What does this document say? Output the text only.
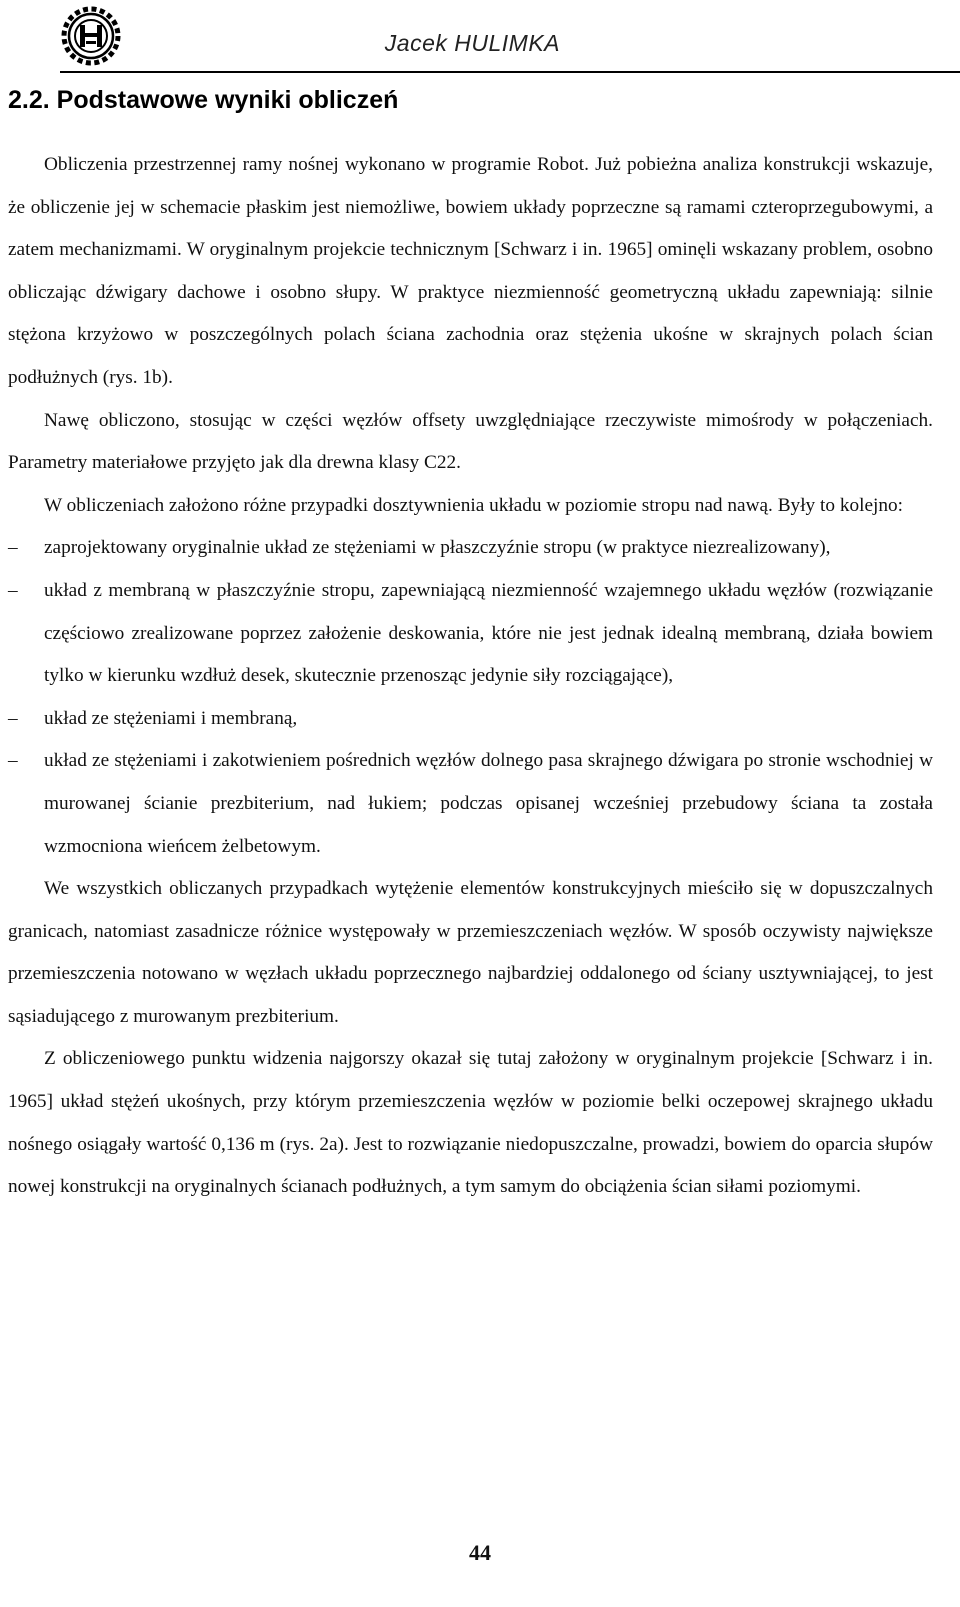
Jacek HULIMKA
2.2. Podstawowe wyniki obliczeń

Obliczenia przestrzennej ramy nośnej wykonano w programie Robot. Już pobieżna analiza konstrukcji wskazuje, że obliczenie jej w schemacie płaskim jest niemożliwe, bowiem układy poprzeczne są ramami czteroprzegubowymi, a zatem mechanizmami. W oryginalnym projekcie technicznym [Schwarz i in. 1965] ominęli wskazany problem, osobno obliczając dźwigary dachowe i osobno słupy. W praktyce niezmienność geometryczną układu zapewniają: silnie stężona krzyżowo w poszczególnych polach ściana zachodnia oraz stężenia ukośne w skrajnych polach ścian podłużnych (rys. 1b).

Nawę obliczono, stosując w części węzłów offsety uwzględniające rzeczywiste mimośrody w połączeniach. Parametry materiałowe przyjęto jak dla drewna klasy C22.

W obliczeniach założono różne przypadki dosztywnienia układu w poziomie stropu nad nawą. Były to kolejno:

–	zaprojektowany oryginalnie układ ze stężeniami w płaszczyźnie stropu (w praktyce niezrealizowany),
–	układ z membraną w płaszczyźnie stropu, zapewniającą niezmienność wzajemnego układu węzłów (rozwiązanie częściowo zrealizowane poprzez założenie deskowania, które nie jest jednak idealną membraną, działa bowiem tylko w kierunku wzdłuż desek, skutecznie przenosząc jedynie siły rozciągające),
–	układ ze stężeniami i membraną,
–	układ ze stężeniami i zakotwieniem pośrednich węzłów dolnego pasa skrajnego dźwigara po stronie wschodniej w murowanej ścianie prezbiterium, nad łukiem; podczas opisanej wcześniej przebudowy ściana ta została wzmocniona wieńcem żelbetowym.

We wszystkich obliczanych przypadkach wytężenie elementów konstrukcyjnych mieściło się w dopuszczalnych granicach, natomiast zasadnicze różnice występowały w przemieszczeniach węzłów. W sposób oczywisty największe przemieszczenia notowano w węzłach układu poprzecznego najbardziej oddalonego od ściany usztywniającej, to jest sąsiadującego z murowanym prezbiterium.

Z obliczeniowego punktu widzenia najgorszy okazał się tutaj założony w oryginalnym projekcie [Schwarz i in. 1965] układ stężeń ukośnych, przy którym przemieszczenia węzłów w poziomie belki oczepowej skrajnego układu nośnego osiągały wartość 0,136 m (rys. 2a). Jest to rozwiązanie niedopuszczalne, prowadzi, bowiem do oparcia słupów nowej konstrukcji na oryginalnych ścianach podłużnych, a tym samym do obciążenia ścian siłami poziomymi.

44
